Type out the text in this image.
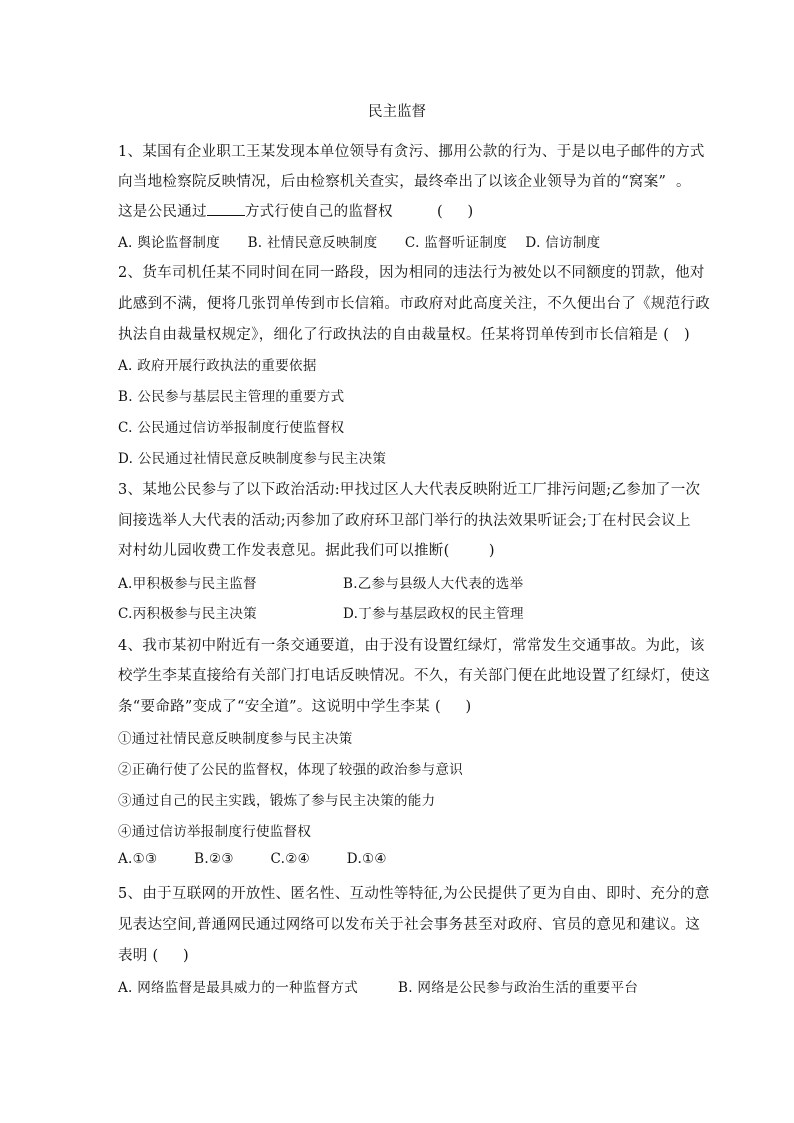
民主监督
1、某国有企业职工王某发现本单位领导有贪污、挪用公款的行为、于是以电子邮件的方式
向当地检察院反映情况，后由检察机关查实，最终牵出了以该企业领导为首的“窝案”  。
这是公民通过	方式行使自己的监督权         (     )
A. 舆论监督制度      B. 社情民意反映制度      C. 监督听证制度    D. 信访制度
2、货车司机任某不同时间在同一路段，因为相同的违法行为被处以不同额度的罚款，他对
此感到不满，便将几张罚单传到市长信箱。市政府对此高度关注，不久便出台了《规范行政
执法自由裁量权规定》，细化了行政执法的自由裁量权。任某将罚单传到市长信箱是 (   )
A. 政府开展行政执法的重要依据
B. 公民参与基层民主管理的重要方式
C. 公民通过信访举报制度行使监督权
D. 公民通过社情民意反映制度参与民主决策
3、某地公民参与了以下政治活动:甲找过区人大代表反映附近工厂排污问题;乙参加了一次
间接选举人大代表的活动;丙参加了政府环卫部门举行的执法效果听证会;丁在村民会议上
对村幼儿园收费工作发表意见。据此我们可以推断(        )
A.甲积极参与民主监督	B.乙参与县级人大代表的选举
C.丙积极参与民主决策	D.丁参与基层政权的民主管理
4、我市某初中附近有一条交通要道，由于没有设置红绿灯，常常发生交通事故。为此，该
校学生李某直接给有关部门打电话反映情况。不久，有关部门便在此地设置了红绿灯，使这
条“要命路”变成了“安全道”。这说明中学生李某 (     )
①通过社情民意反映制度参与民主决策
②正确行使了公民的监督权，体现了较强的政治参与意识
③通过自己的民主实践，锻炼了参与民主决策的能力
④通过信访举报制度行使监督权
A.①③        B.②③        C.②④        D.①④
5、由于互联网的开放性、匿名性、互动性等特征,为公民提供了更为自由、即时、充分的意
见表达空间,普通网民通过网络可以发布关于社会事务甚至对政府、官员的意见和建议。这
表明 (     )
A. 网络监督是最具威力的一种监督方式	B. 网络是公民参与政治生活的重要平台
